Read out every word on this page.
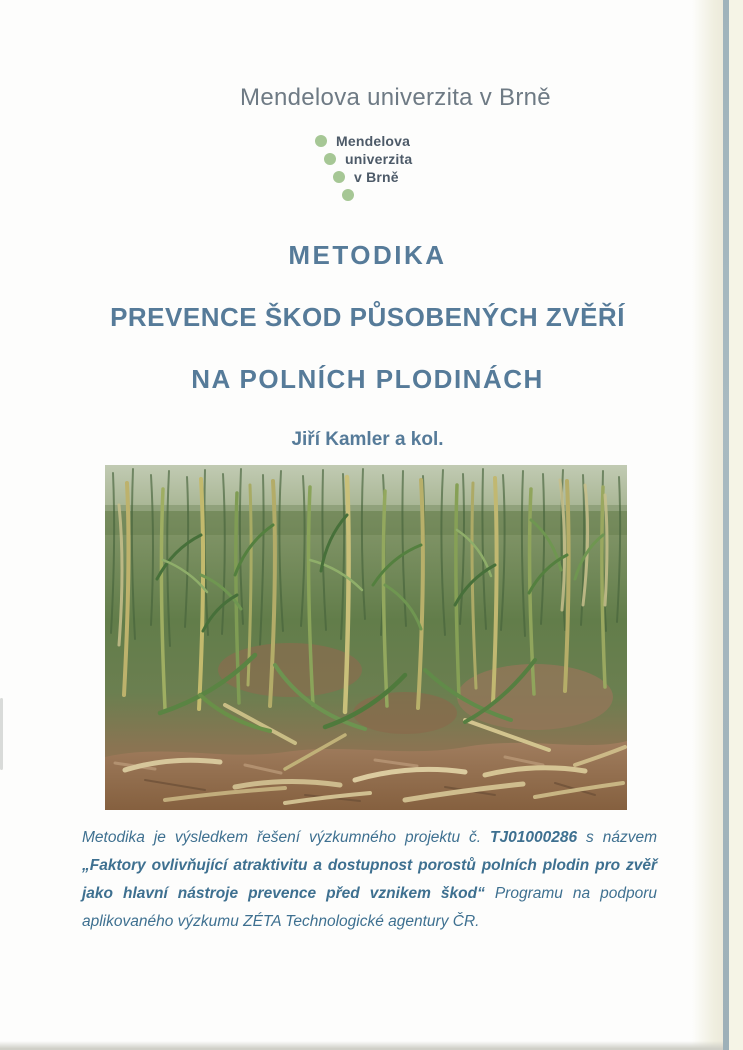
Mendelova univerzita v Brně
Mendelova
univerzita
v Brně
METODIKA
PREVENCE ŠKOD PŮSOBENÝCH ZVĚŘÍ
NA POLNÍCH PLODINÁCH
Jiří Kamler a kol.
Metodika je výsledkem řešení výzkumného projektu č. TJ01000286 s názvem
„Faktory ovlivňující atraktivitu a dostupnost porostů polních plodin pro zvěř
jako hlavní nástroje prevence před vznikem škod“ Programu na podporu
aplikovaného výzkumu ZÉTA Technologické agentury ČR.
